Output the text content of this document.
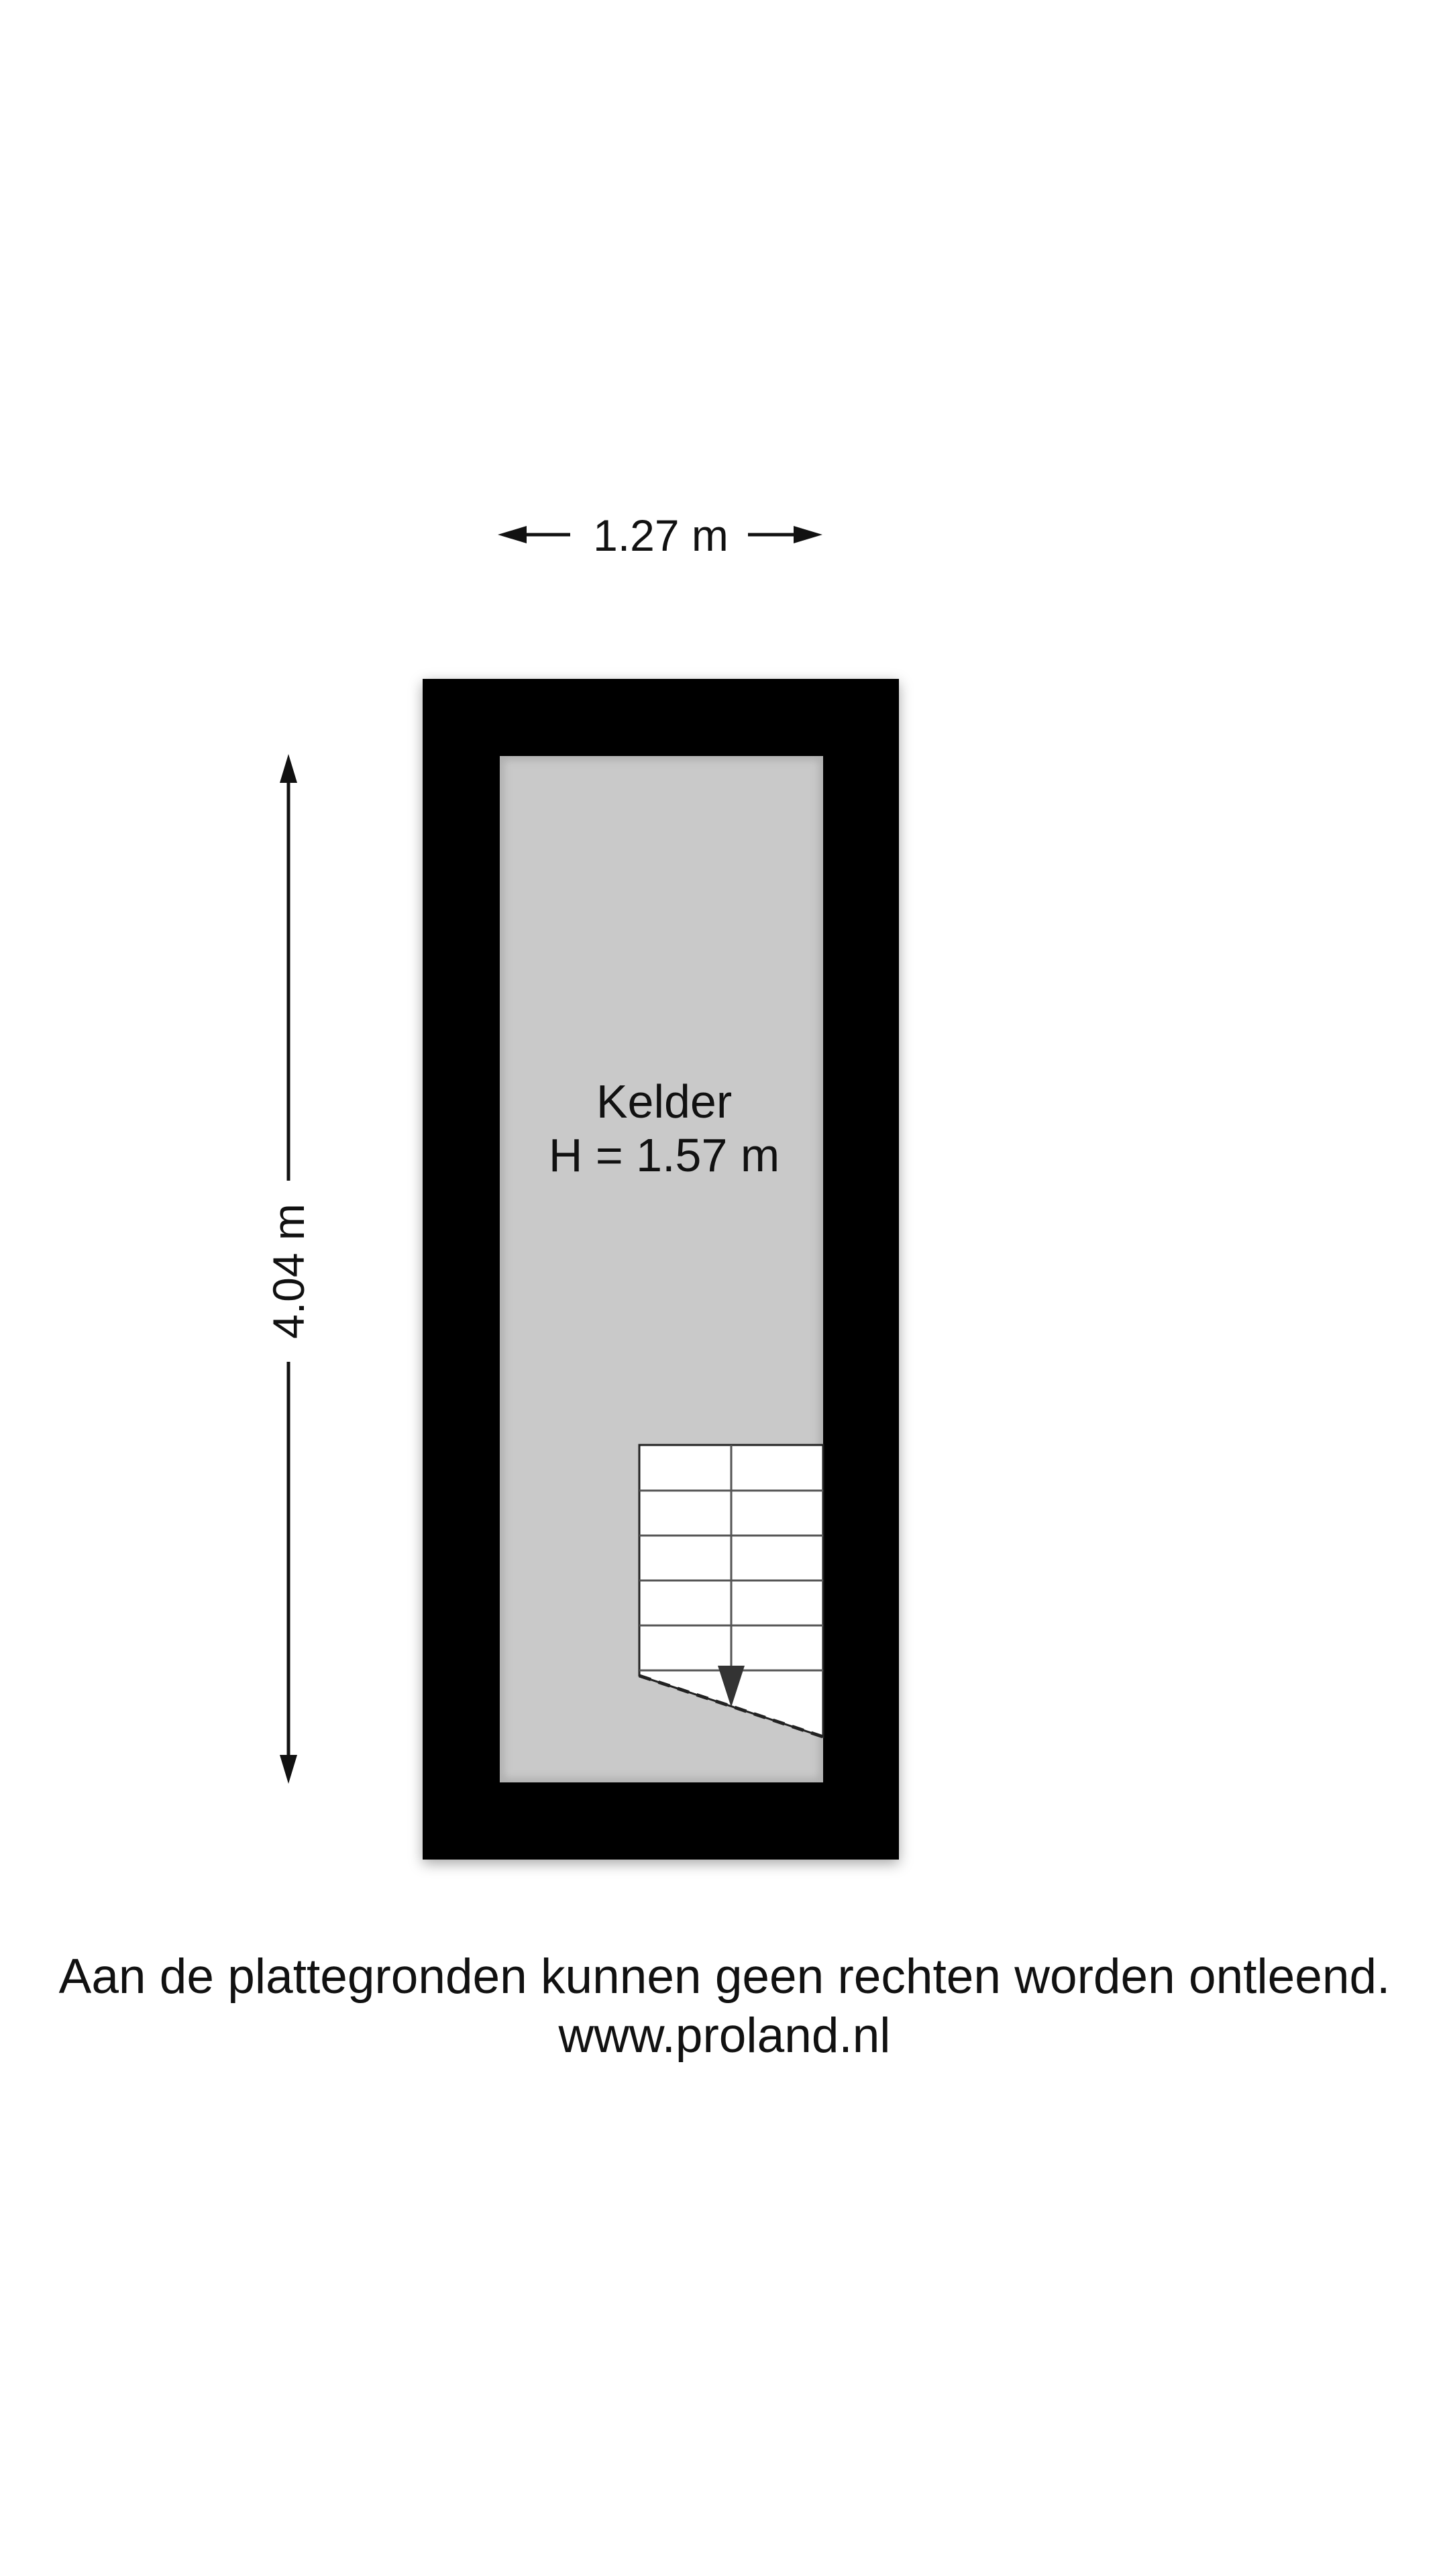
1.27 m
4.04 m
Kelder
H = 1.57 m
Aan de plattegronden kunnen geen rechten worden ontleend.
www.proland.nl
